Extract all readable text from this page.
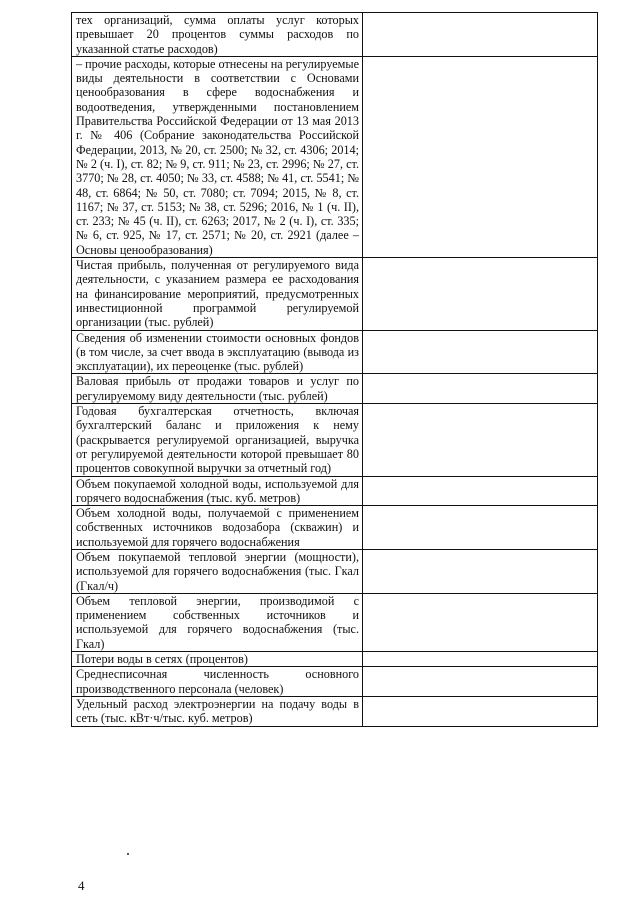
тех организаций, сумма оплаты услуг которых превышает 20 процентов суммы расходов по указанной статье расходов)	
– прочие расходы, которые отнесены на регулируемые виды деятельности в соответствии с Основами ценообразования в сфере водоснабжения и водоотведения, утвержденными постановлением Правительства Российской Федерации от 13 мая 2013 г. № 406 (Собрание законодательства Российской Федерации, 2013, № 20, ст. 2500; № 32, ст. 4306; 2014; № 2 (ч. I), ст. 82; № 9, ст. 911; № 23, ст. 2996; № 27, ст. 3770; № 28, ст. 4050; № 33, ст. 4588; № 41, ст. 5541; № 48, ст. 6864; № 50, ст. 7080; ст. 7094; 2015, № 8, ст. 1167; № 37, ст. 5153; № 38, ст. 5296; 2016, № 1 (ч. II), ст. 233; № 45 (ч. II), ст. 6263; 2017, № 2 (ч. I), ст. 335; № 6, ст. 925, № 17, ст. 2571; № 20, ст. 2921 (далее – Основы ценообразования)	
Чистая прибыль, полученная от регулируемого вида деятельности, с указанием размера ее расходования на финансирование мероприятий, предусмотренных инвестиционной программой регулируемой организации (тыс. рублей)	
Сведения об изменении стоимости основных фондов (в том числе, за счет ввода в эксплуатацию (вывода из эксплуатации), их переоценке (тыс. рублей)	
Валовая прибыль от продажи товаров и услуг по регулируемому виду деятельности (тыс. рублей)	
Годовая бухгалтерская отчетность, включая бухгалтерский баланс и приложения к нему (раскрывается регулируемой организацией, выручка от регулируемой деятельности которой превышает 80 процентов совокупной выручки за отчетный год)	
Объем покупаемой холодной воды, используемой для горячего водоснабжения (тыс. куб. метров)	
Объем холодной воды, получаемой с применением собственных источников водозабора (скважин) и используемой для горячего водоснабжения	
Объем покупаемой тепловой энергии (мощности), используемой для горячего водоснабжения (тыс. Гкал (Гкал/ч)	
Объем тепловой энергии, производимой с применением собственных источников и используемой для горячего водоснабжения (тыс. Гкал)	
Потери воды в сетях (процентов)	
Среднесписочная численность основного производственного персонала (человек)	
Удельный расход электроэнергии на подачу воды в сеть (тыс. кВт·ч/тыс. куб. метров)	
4
